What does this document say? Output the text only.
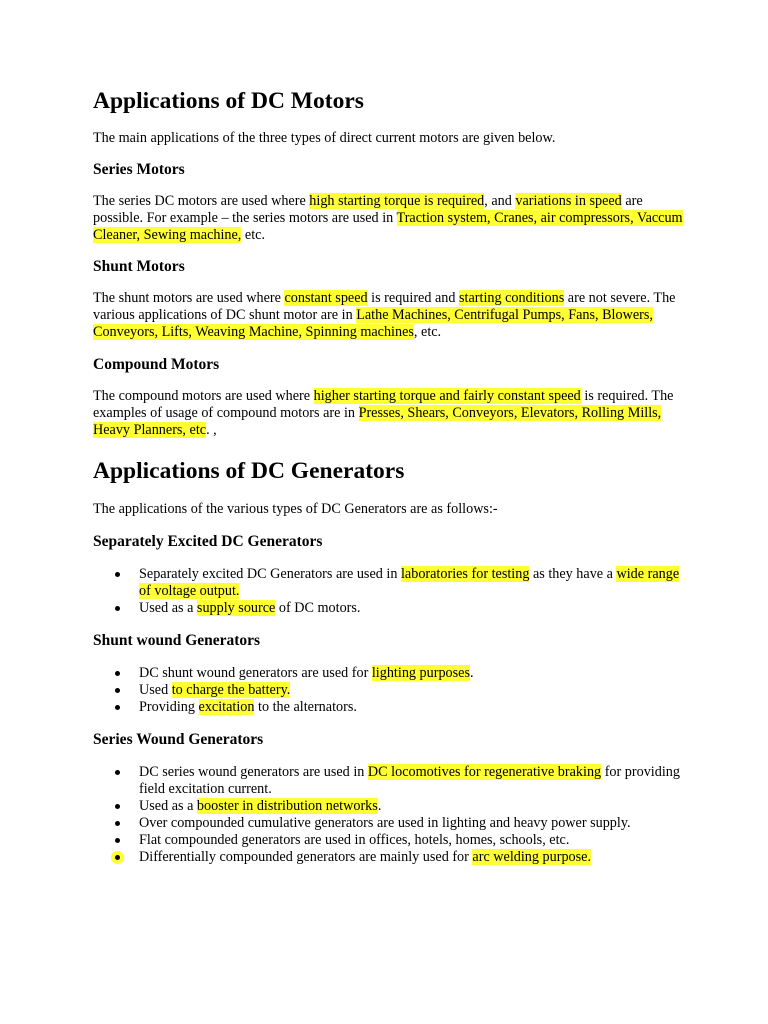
Applications of DC Motors

The main applications of the three types of direct current motors are given below.

Series Motors

The series DC motors are used where high starting torque is required, and variations in speed are possible. For example – the series motors are used in Traction system, Cranes, air compressors, Vaccum Cleaner, Sewing machine, etc.

Shunt Motors

The shunt motors are used where constant speed is required and starting conditions are not severe. The various applications of DC shunt motor are in Lathe Machines, Centrifugal Pumps, Fans, Blowers, Conveyors, Lifts, Weaving Machine, Spinning machines, etc.

Compound Motors

The compound motors are used where higher starting torque and fairly constant speed is required. The examples of usage of compound motors are in Presses, Shears, Conveyors, Elevators, Rolling Mills, Heavy Planners, etc. ,

Applications of DC Generators

The applications of the various types of DC Generators are as follows:-

Separately Excited DC Generators
Separately excited DC Generators are used in laboratories for testing as they have a wide range of voltage output.
Used as a supply source of DC motors.
Shunt wound Generators
DC shunt wound generators are used for lighting purposes.
Used to charge the battery.
Providing excitation to the alternators.
Series Wound Generators
DC series wound generators are used in DC locomotives for regenerative braking for providing field excitation current.
Used as a booster in distribution networks.
Over compounded cumulative generators are used in lighting and heavy power supply.
Flat compounded generators are used in offices, hotels, homes, schools, etc.
Differentially compounded generators are mainly used for arc welding purpose.
